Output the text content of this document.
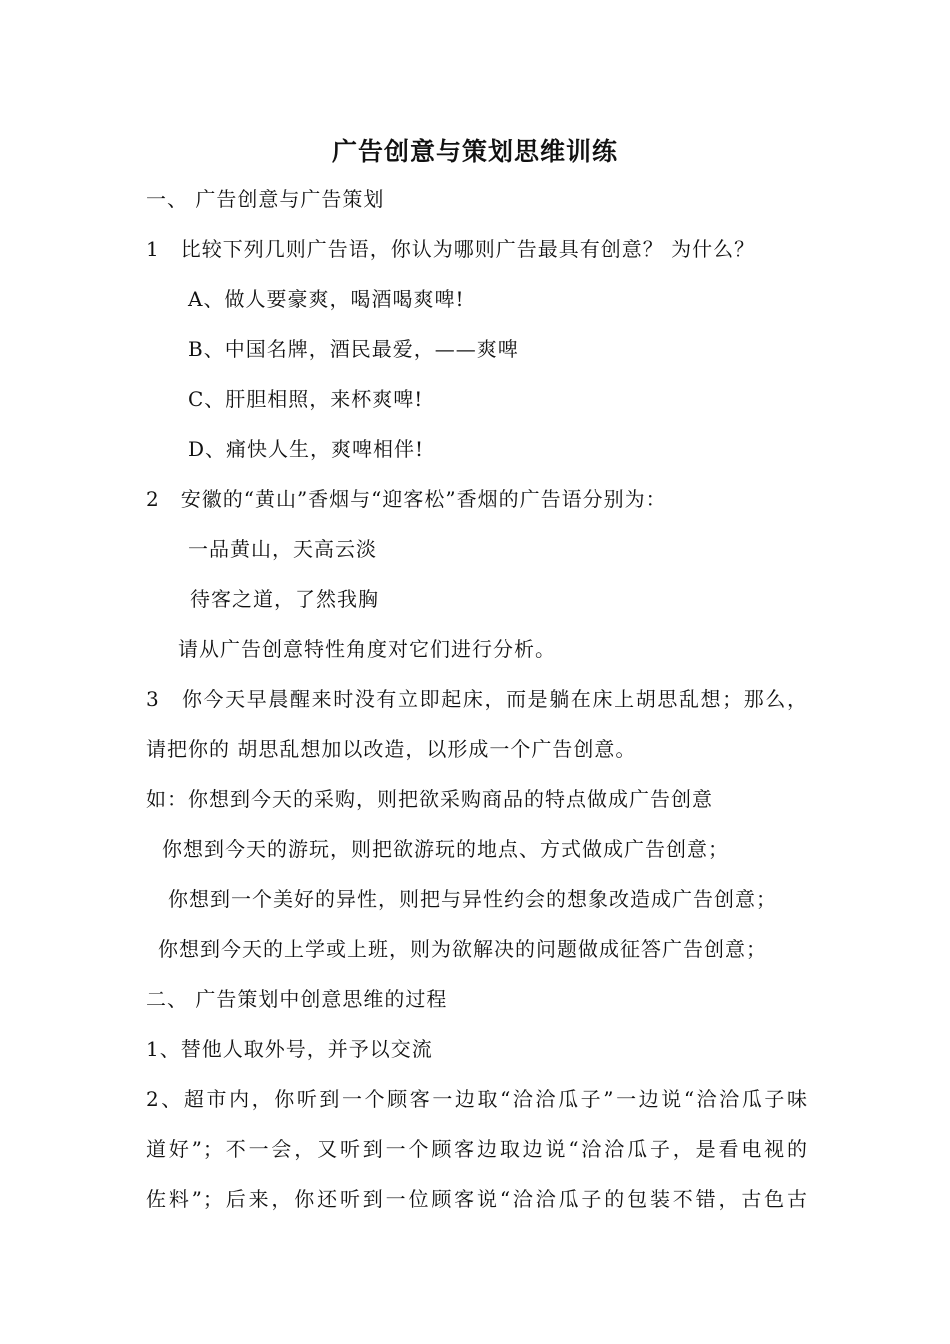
广告创意与策划思维训练
一、 广告创意与广告策划
1　比较下列几则广告语，你认为哪则广告最具有创意？ 为什么？
A、做人要豪爽，喝酒喝爽啤!
B、中国名牌，酒民最爱，——爽啤
C、肝胆相照，来杯爽啤!
D、痛快人生，爽啤相伴!
2　安徽的“黄山”香烟与“迎客松”香烟的广告语分别为：
一品黄山，天高云淡
待客之道，了然我胸
请从广告创意特性角度对它们进行分析。
3　你今天早晨醒来时没有立即起床，而是躺在床上胡思乱想；那么，
请把你的 胡思乱想加以改造，以形成一个广告创意。
如：你想到今天的采购，则把欲采购商品的特点做成广告创意
你想到今天的游玩，则把欲游玩的地点、方式做成广告创意；
你想到一个美好的异性，则把与异性约会的想象改造成广告创意；
你想到今天的上学或上班，则为欲解决的问题做成征答广告创意；
二、 广告策划中创意思维的过程
1、替他人取外号，并予以交流
2、超市内，你听到一个顾客一边取“洽洽瓜子”一边说“洽洽瓜子味
道好”；不一会，又听到一个顾客边取边说“洽洽瓜子，是看电视的
佐料”；后来，你还听到一位顾客说“洽洽瓜子的包装不错，古色古
